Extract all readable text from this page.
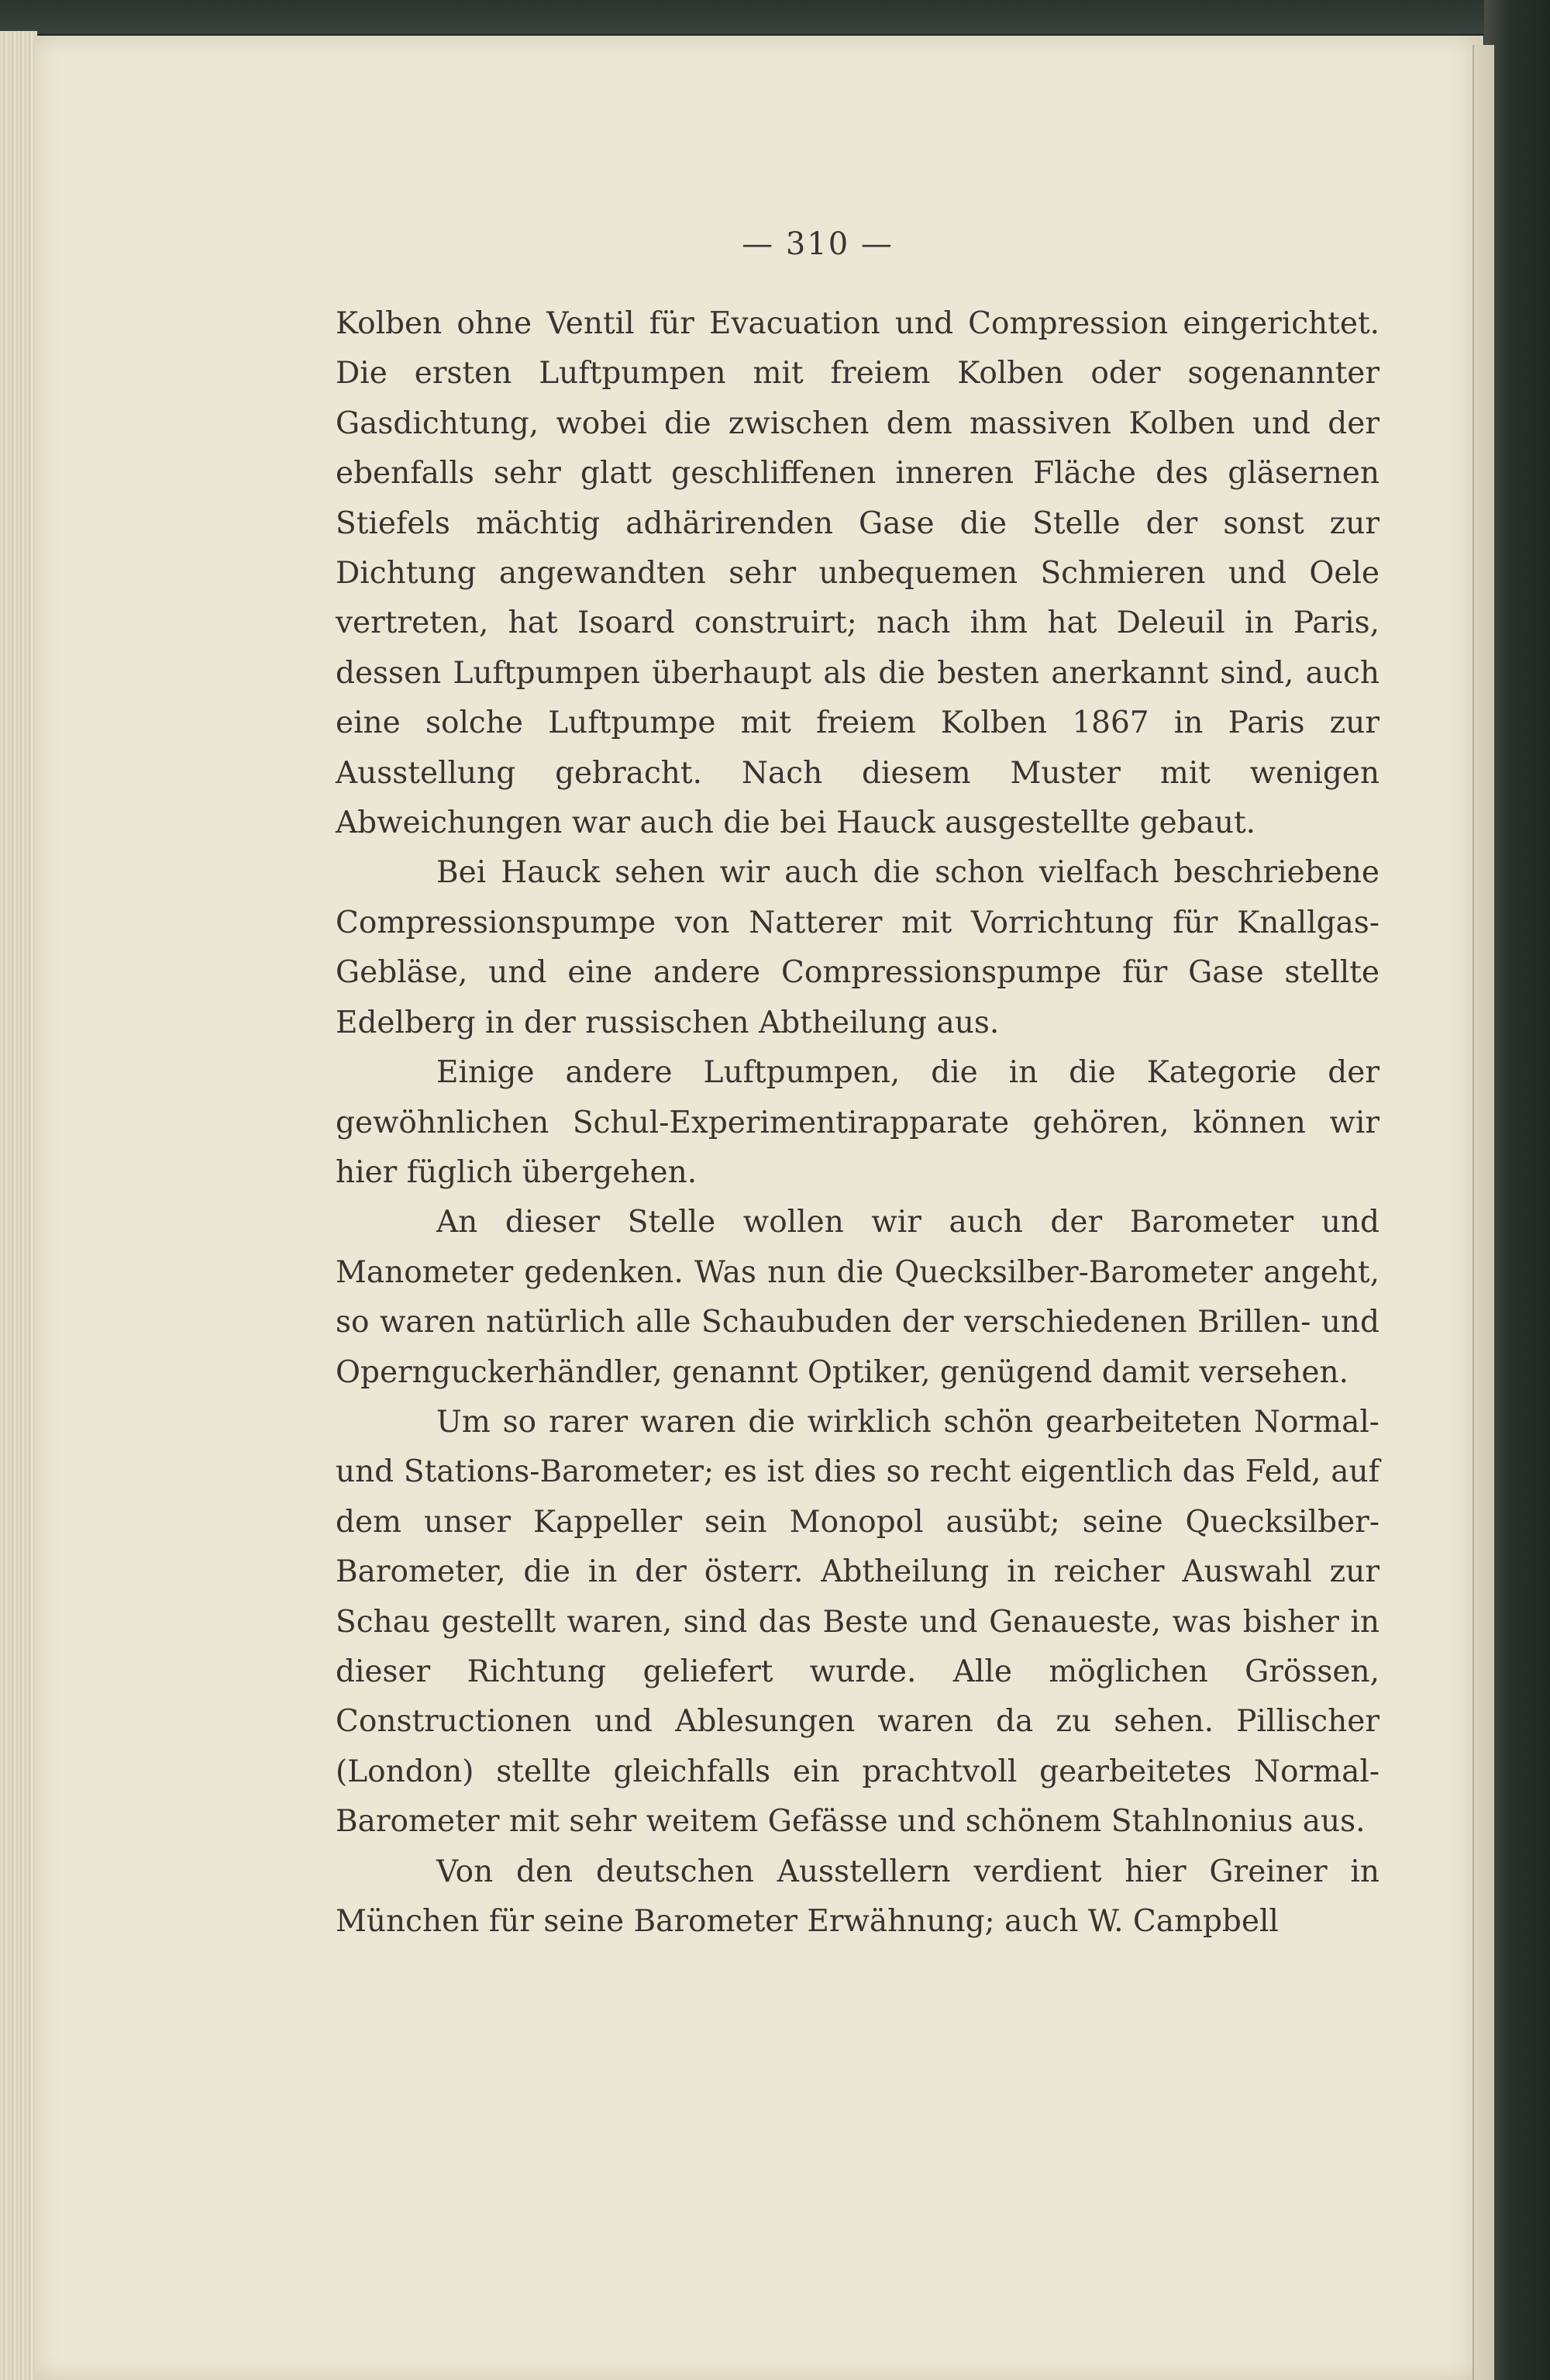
— 310 —

Kolben ohne Ventil für Evacuation und Compression eingerichtet. Die ersten Luftpumpen mit freiem Kolben oder sogenannter Gasdichtung, wobei die zwischen dem massiven Kolben und der ebenfalls sehr glatt geschliffenen inneren Fläche des gläsernen Stiefels mächtig adhärirenden Gase die Stelle der sonst zur Dichtung angewandten sehr unbequemen Schmieren und Oele vertreten, hat Isoard construirt; nach ihm hat Deleuil in Paris, dessen Luftpumpen überhaupt als die besten anerkannt sind, auch eine solche Luftpumpe mit freiem Kolben 1867 in Paris zur Ausstellung gebracht. Nach diesem Muster mit wenigen Abweichungen war auch die bei Hauck ausgestellte gebaut.

Bei Hauck sehen wir auch die schon vielfach beschriebene Compressionspumpe von Natterer mit Vorrichtung für Knallgas-Gebläse, und eine andere Compressionspumpe für Gase stellte Edelberg in der russischen Abtheilung aus.

Einige andere Luftpumpen, die in die Kategorie der gewöhnlichen Schul-Experimentirapparate gehören, können wir hier füglich übergehen.

An dieser Stelle wollen wir auch der Barometer und Manometer gedenken. Was nun die Quecksilber-Barometer angeht, so waren natürlich alle Schaubuden der verschiedenen Brillen- und Opernguckerhändler, genannt Optiker, genügend damit versehen.

Um so rarer waren die wirklich schön gearbeiteten Normal- und Stations-Barometer; es ist dies so recht eigentlich das Feld, auf dem unser Kappeller sein Monopol ausübt; seine Quecksilber-Barometer, die in der österr. Abtheilung in reicher Auswahl zur Schau gestellt waren, sind das Beste und Genaueste, was bisher in dieser Richtung geliefert wurde. Alle möglichen Grössen, Constructionen und Ablesungen waren da zu sehen. Pillischer (London) stellte gleichfalls ein prachtvoll gearbeitetes Normal-Barometer mit sehr weitem Gefässe und schönem Stahlnonius aus.

Von den deutschen Ausstellern verdient hier Greiner in München für seine Barometer Erwähnung; auch W. Campbell
